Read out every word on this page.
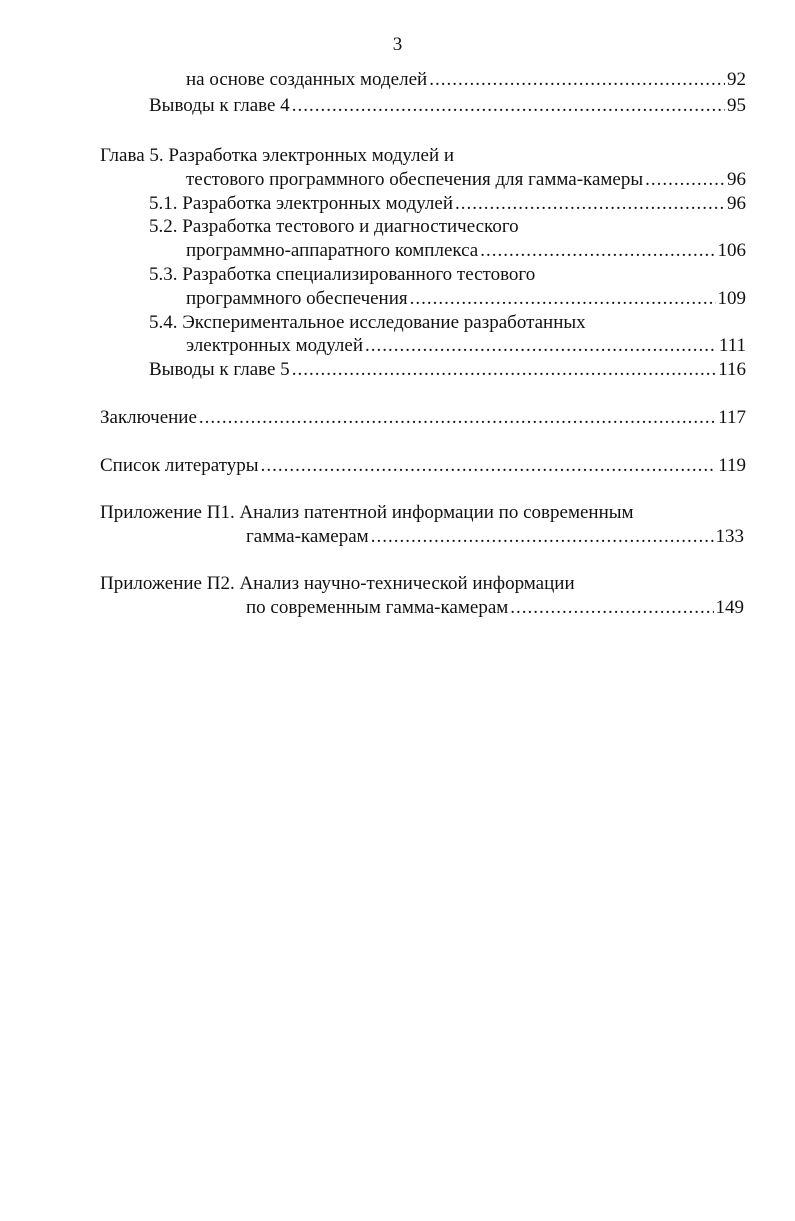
3
на основе созданных моделей .....	92
Выводы к главе 4 .....	95
Глава 5. Разработка электронных модулей и
тестового программного обеспечения для гамма-камеры .....	96
5.1. Разработка электронных модулей .....	96
5.2. Разработка тестового и диагностического
программно-аппаратного комплекса .....	106
5.3. Разработка специализированного тестового
программного обеспечения .....	109
5.4. Экспериментальное исследование разработанных
электронных модулей .....	111
Выводы к главе 5 .....	116
Заключение .....	117
Список литературы .....	119
Приложение П1. Анализ патентной информации по современным
гамма-камерам .....	133
Приложение П2. Анализ научно-технической информации
по современным гамма-камерам .....	149
